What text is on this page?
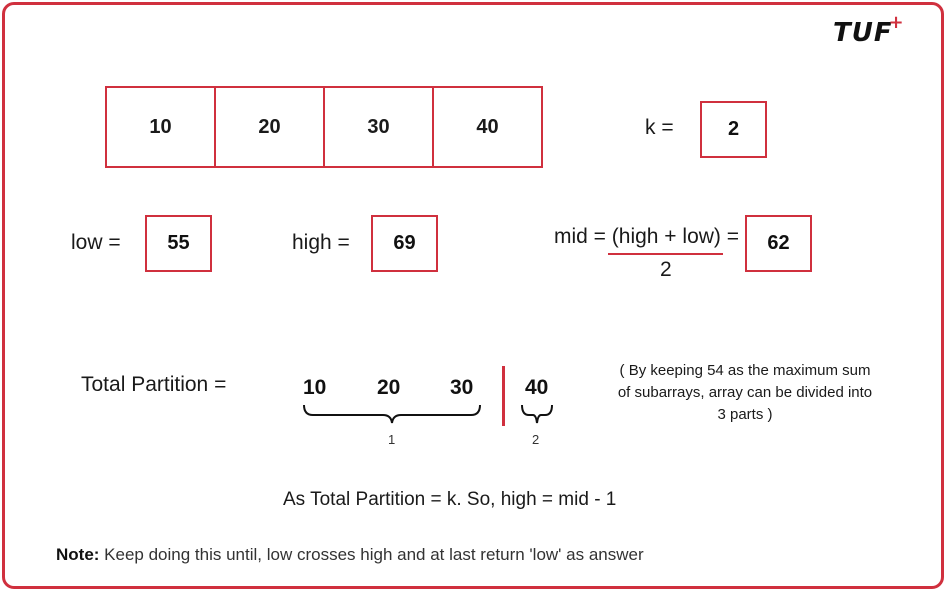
TUF
+
10	20	30	40	k =	2
low =	55	high =	69	mid = (high + low) =
2
62
Total Partition =	10 20 30 40
1	2
( By keeping 54 as the maximum sum
of subarrays, array can be divided into
3 parts )
As Total Partition = k. So, high = mid - 1
Note: Keep doing this until, low crosses high and at last return 'low' as answer
